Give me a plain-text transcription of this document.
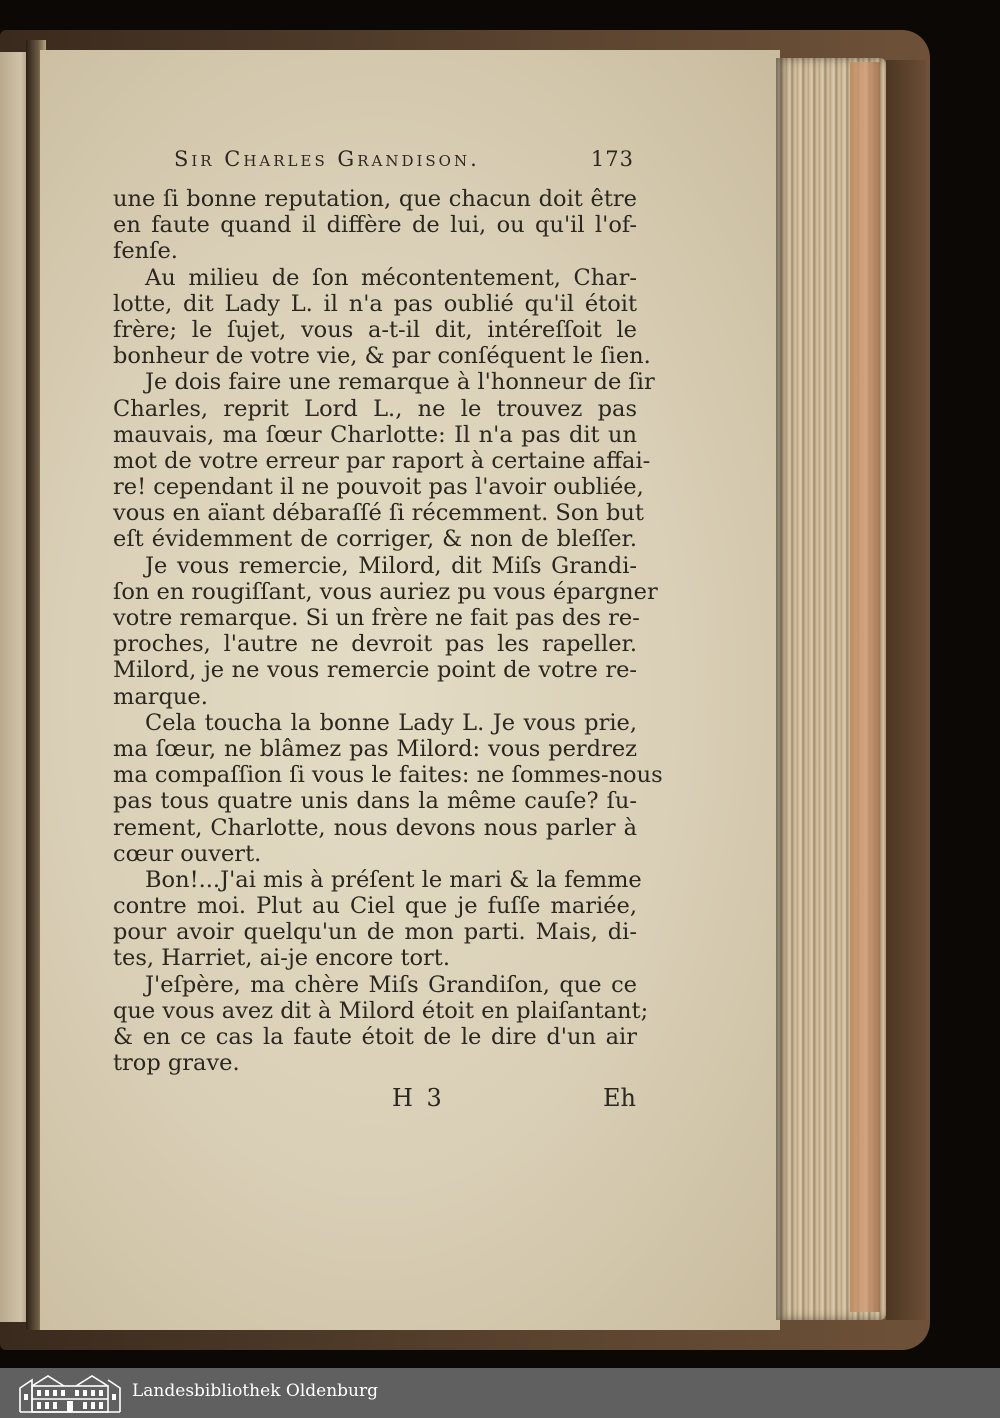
Sir Charles Grandison.	173
une ſi bonne reputation, que chacun doit être
en faute quand il diffère de lui, ou qu'il l'of-
fenſe.
Au milieu de ſon mécontentement, Char-
lotte, dit Lady L. il n'a pas oublié qu'il étoit
frère; le ſujet, vous a-t-il dit, intéreſſoit le
bonheur de votre vie, & par conſéquent le ſien.
Je dois faire une remarque à l'honneur de ſir
Charles, reprit Lord L., ne le trouvez pas
mauvais, ma ſœur Charlotte: Il n'a pas dit un
mot de votre erreur par raport à certaine affai-
re! cependant il ne pouvoit pas l'avoir oubliée,
vous en aïant débaraſſé ſi récemment. Son but
eſt évidemment de corriger, & non de bleſſer.
Je vous remercie, Milord, dit Miſs Grandi-
ſon en rougiſſant, vous auriez pu vous épargner
votre remarque. Si un frère ne fait pas des re-
proches, l'autre ne devroit pas les rapeller.
Milord, je ne vous remercie point de votre re-
marque.
Cela toucha la bonne Lady L. Je vous prie,
ma ſœur, ne blâmez pas Milord: vous perdrez
ma compaſſion ſi vous le faites: ne ſommes-nous
pas tous quatre unis dans la même cauſe? ſu-
rement, Charlotte, nous devons nous parler à
cœur ouvert.
Bon!...J'ai mis à préſent le mari & la femme
contre moi. Plut au Ciel que je fuſſe mariée,
pour avoir quelqu'un de mon parti. Mais, di-
tes, Harriet, ai-je encore tort.
J'eſpère, ma chère Miſs Grandiſon, que ce
que vous avez dit à Milord étoit en plaiſantant;
& en ce cas la faute étoit de le dire d'un air
trop grave.
H 3	Eh
Landesbibliothek Oldenburg
